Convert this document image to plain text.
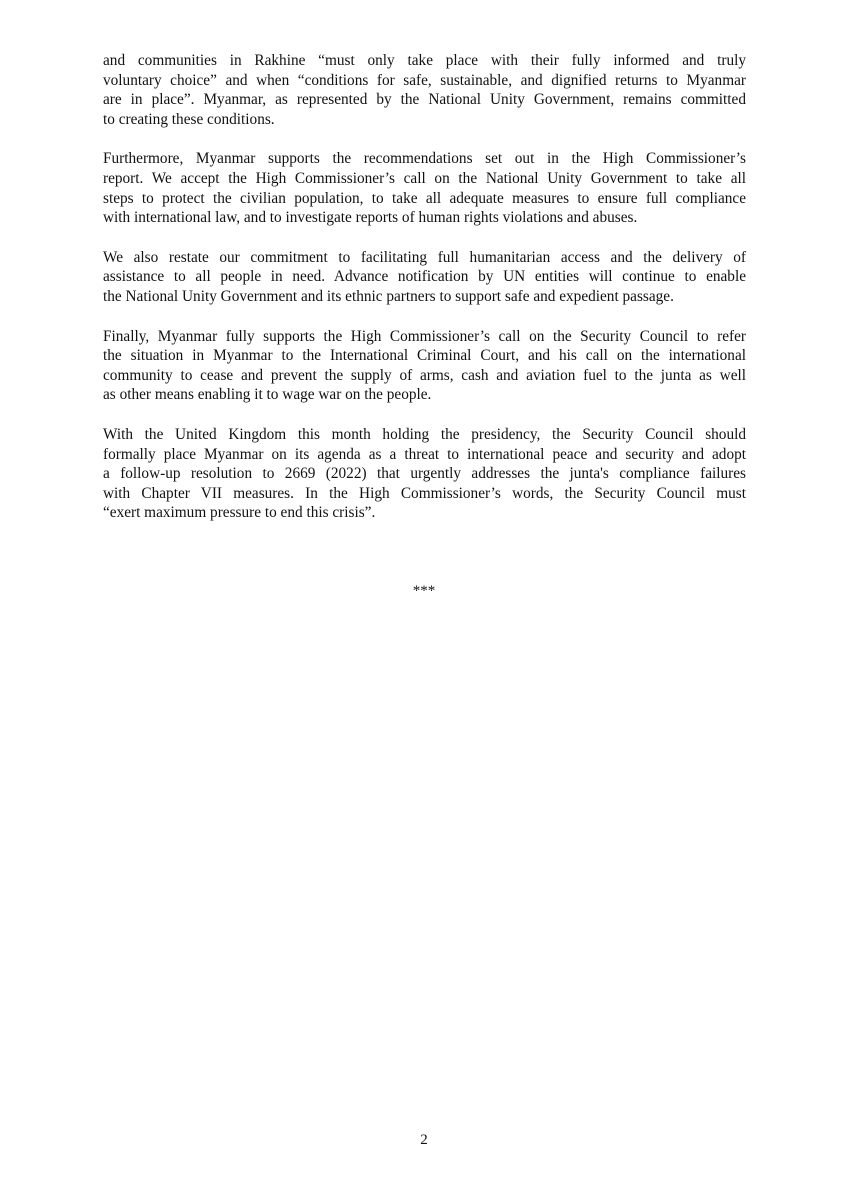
and communities in Rakhine “must only take place with their fully informed and truly
voluntary choice” and when “conditions for safe, sustainable, and dignified returns to Myanmar
are in place”. Myanmar, as represented by the National Unity Government, remains committed
to creating these conditions.

Furthermore, Myanmar supports the recommendations set out in the High Commissioner’s
report. We accept the High Commissioner’s call on the National Unity Government to take all
steps to protect the civilian population, to take all adequate measures to ensure full compliance
with international law, and to investigate reports of human rights violations and abuses.

We also restate our commitment to facilitating full humanitarian access and the delivery of
assistance to all people in need. Advance notification by UN entities will continue to enable
the National Unity Government and its ethnic partners to support safe and expedient passage.

Finally, Myanmar fully supports the High Commissioner’s call on the Security Council to refer
the situation in Myanmar to the International Criminal Court, and his call on the international
community to cease and prevent the supply of arms, cash and aviation fuel to the junta as well
as other means enabling it to wage war on the people.

With the United Kingdom this month holding the presidency, the Security Council should
formally place Myanmar on its agenda as a threat to international peace and security and adopt
a follow-up resolution to 2669 (2022) that urgently addresses the junta's compliance failures
with Chapter VII measures. In the High Commissioner’s words, the Security Council must
“exert maximum pressure to end this crisis”.

***
2
